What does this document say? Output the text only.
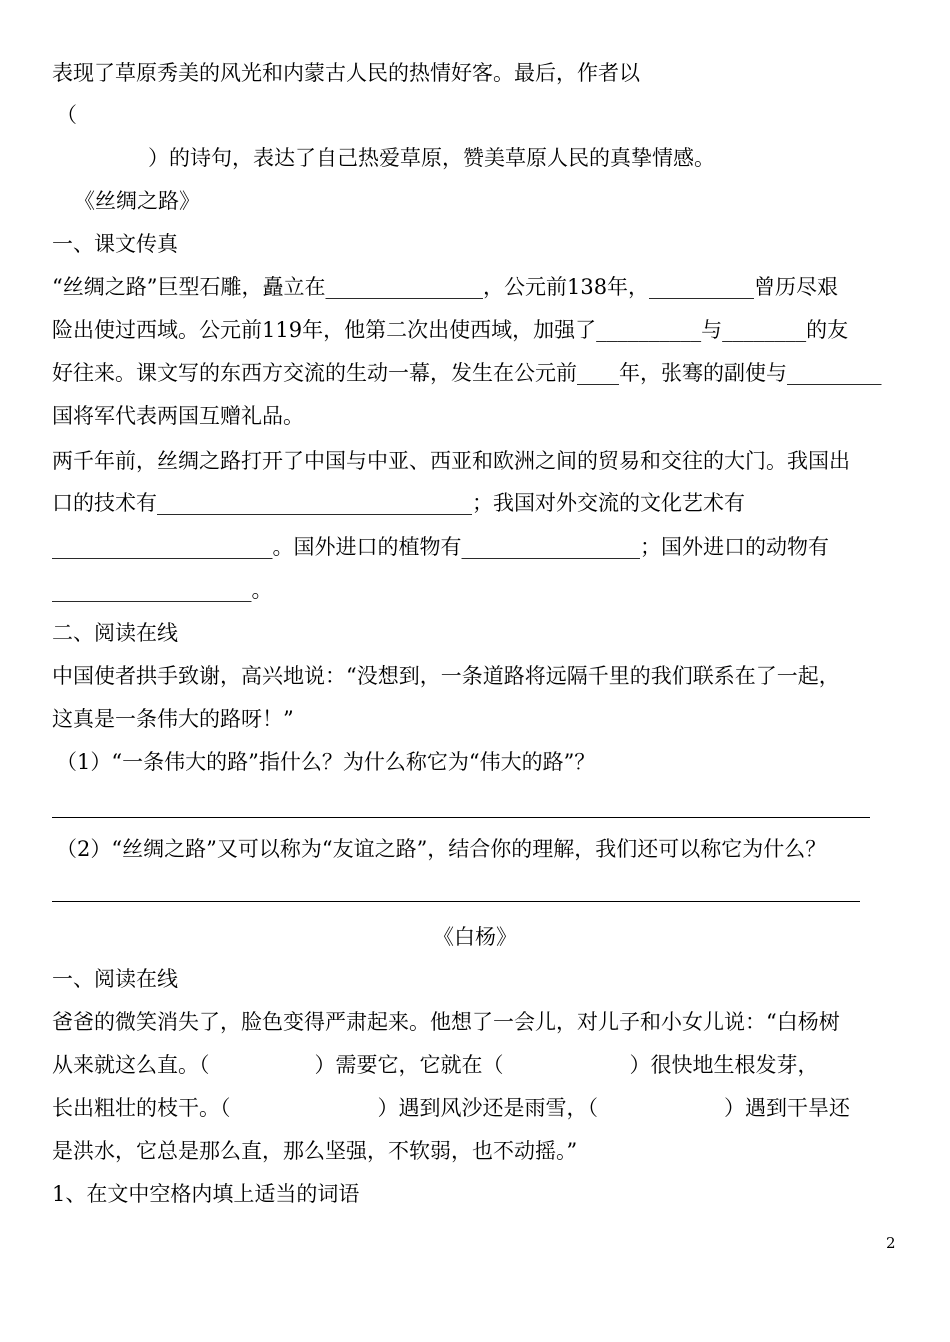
表现了草原秀美的风光和内蒙古人民的热情好客。最后，作者以
（
）的诗句，表达了自己热爱草原，赞美草原人民的真挚情感。
《丝绸之路》
一、课文传真
“丝绸之路”巨型石雕，矗立在_______________，公元前138年，__________曾历尽艰
险出使过西域。公元前119年，他第二次出使西域，加强了__________与________的友
好往来。课文写的东西方交流的生动一幕，发生在公元前____年，张骞的副使与_________
国将军代表两国互赠礼品。
两千年前，丝绸之路打开了中国与中亚、西亚和欧洲之间的贸易和交往的大门。我国出
口的技术有______________________________；我国对外交流的文化艺术有
_____________________。国外进口的植物有_________________；国外进口的动物有
___________________。
二、阅读在线
中国使者拱手致谢，高兴地说：“没想到，一条道路将远隔千里的我们联系在了一起，
这真是一条伟大的路呀！”
（1）“一条伟大的路”指什么？为什么称它为“伟大的路”？
（2）“丝绸之路”又可以称为“友谊之路”，结合你的理解，我们还可以称它为什么？
《白杨》
一、阅读在线
爸爸的微笑消失了，脸色变得严肃起来。他想了一会儿，对儿子和小女儿说：“白杨树
从来就这么直。（　　　　　）需要它，它就在（　　　　　　）很快地生根发芽，
长出粗壮的枝干。（　　　　　　　）遇到风沙还是雨雪，（　　　　　　）遇到干旱还
是洪水，它总是那么直，那么坚强，不软弱，也不动摇。”
1、在文中空格内填上适当的词语
2
